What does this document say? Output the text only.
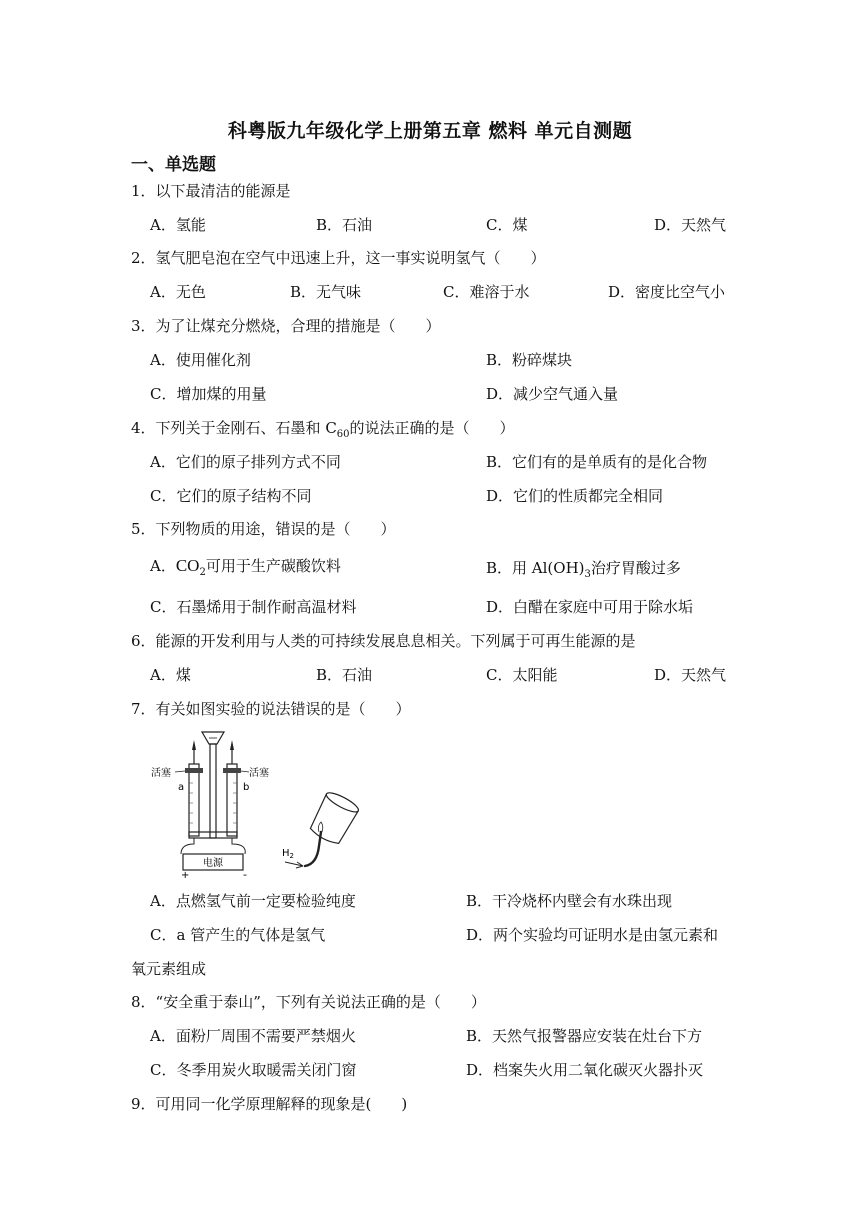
科粤版九年级化学上册第五章 燃料 单元自测题
一、单选题
1．以下最清洁的能源是
A．氢能	B．石油	C．煤	D．天然气
2．氢气肥皂泡在空气中迅速上升，这一事实说明氢气（　　）
A．无色	B．无气味	C．难溶于水	D．密度比空气小
3．为了让煤充分燃烧，合理的措施是（　　）
A．使用催化剂	B．粉碎煤块
C．增加煤的用量	D．减少空气通入量
4．下列关于金刚石、石墨和 $C_{60}$的说法正确的是（　　）
A．它们的原子排列方式不同	B．它们有的是单质有的是化合物
C．它们的原子结构不同	D．它们的性质都完全相同
5．下列物质的用途，错误的是（　　）
A．$CO_2$可用于生产碳酸饮料	B．用 $Al(OH)_3$治疗胃酸过多
C．石墨烯用于制作耐高温材料	D．白醋在家庭中可用于除水垢
6．能源的开发利用与人类的可持续发展息息相关。下列属于可再生能源的是
A．煤	B．石油	C．太阳能	D．天然气
7．有关如图实验的说法错误的是（　　）
电源
+	-
活塞
a
活塞
b
$H_2$
A．点燃氢气前一定要检验纯度	B．干冷烧杯内壁会有水珠出现
C．a 管产生的气体是氢气	D．两个实验均可证明水是由氢元素和
氧元素组成
8．“安全重于泰山”，下列有关说法正确的是（　　）
A．面粉厂周围不需要严禁烟火	B．天然气报警器应安装在灶台下方
C．冬季用炭火取暖需关闭门窗	D．档案失火用二氧化碳灭火器扑灭
9．可用同一化学原理解释的现象是(　　)
